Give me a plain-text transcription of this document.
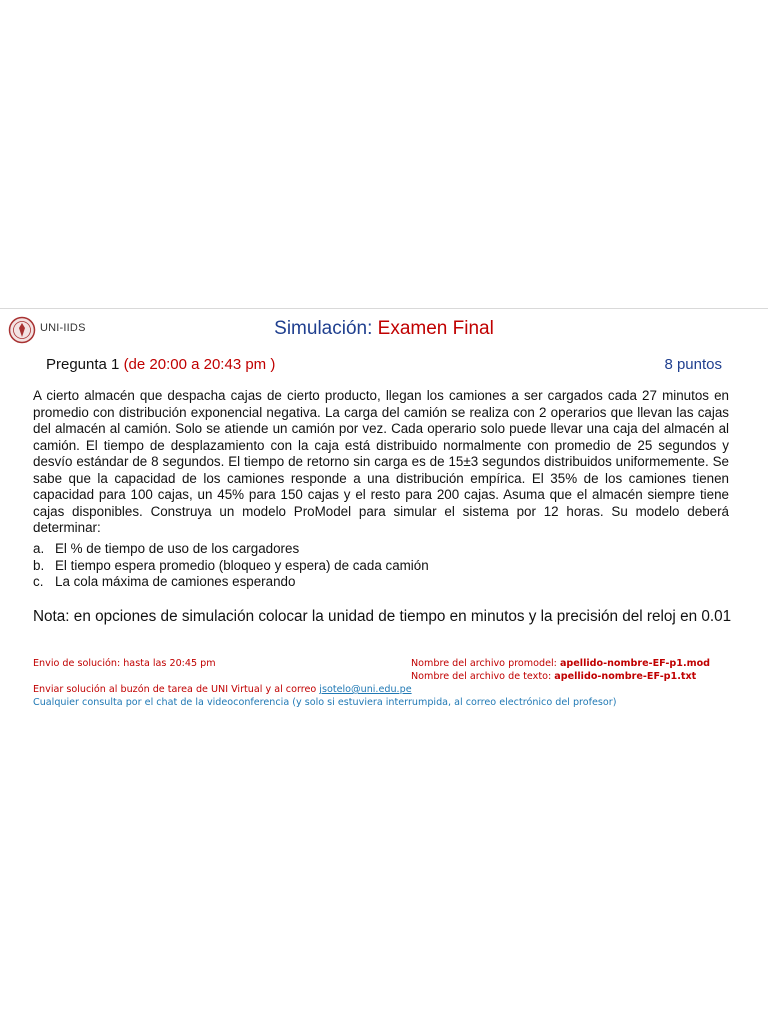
UNI-IIDS	Simulación: Examen Final
Pregunta 1 (de 20:00 a 20:43 pm )	8 puntos

A cierto almacén que despacha cajas de cierto producto, llegan los camiones a ser cargados cada 27 minutos en promedio con distribución exponencial negativa. La carga del camión se realiza con 2 operarios que llevan las cajas del almacén al camión. Solo se atiende un camión por vez. Cada operario solo puede llevar una caja del almacén al camión. El tiempo de desplazamiento con la caja está distribuido normalmente con promedio de 25 segundos y desvío estándar de 8 segundos. El tiempo de retorno sin carga es de 15±3 segundos distribuidos uniformemente. Se sabe que la capacidad de los camiones responde a una distribución empírica. El 35% de los camiones tienen capacidad para 100 cajas, un 45% para 150 cajas y el resto para 200 cajas. Asuma que el almacén siempre tiene cajas disponibles. Construya un modelo ProModel para simular el sistema por 12 horas. Su modelo deberá determinar:

a. El % de tiempo de uso de los cargadores
b. El tiempo espera promedio (bloqueo y espera) de cada camión
c. La cola máxima de camiones esperando

Nota: en opciones de simulación colocar la unidad de tiempo en minutos y la precisión del reloj en 0.01

Envio de solución: hasta las 20:45 pm	Nombre del archivo promodel: apellido-nombre-EF-p1.mod
Nombre del archivo de texto: apellido-nombre-EF-p1.txt
Enviar solución al buzón de tarea de UNI Virtual y al correo jsotelo@uni.edu.pe
Cualquier consulta por el chat de la videoconferencia (y solo si estuviera interrumpida, al correo electrónico del profesor)
